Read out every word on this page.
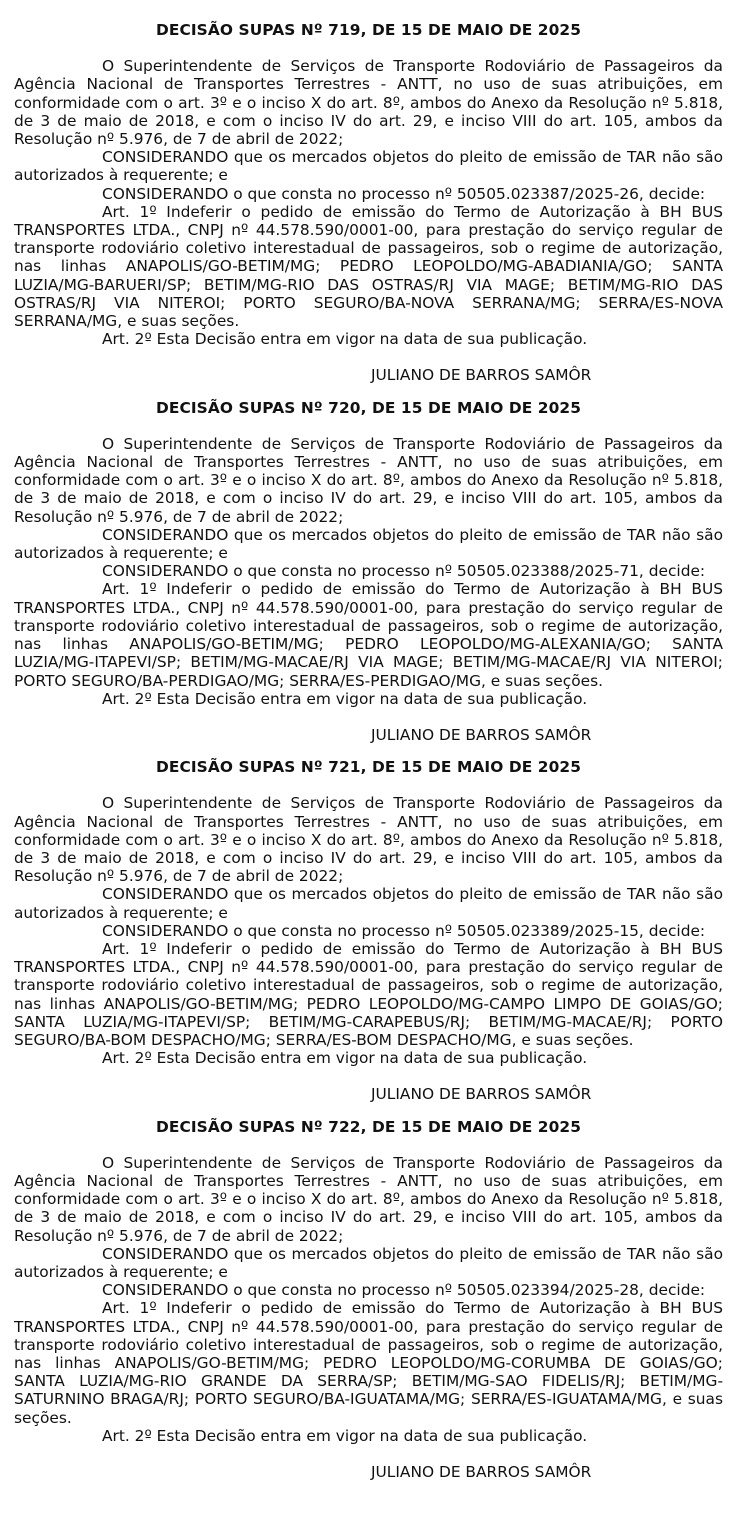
DECISÃO SUPAS Nº 719, DE 15 DE MAIO DE 2025

O Superintendente de Serviços de Transporte Rodoviário de Passageiros da Agência Nacional de Transportes Terrestres - ANTT, no uso de suas atribuições, em conformidade com o art. 3º e o inciso X do art. 8º, ambos do Anexo da Resolução nº 5.818, de 3 de maio de 2018, e com o inciso IV do art. 29, e inciso VIII do art. 105, ambos da Resolução nº 5.976, de 7 de abril de 2022;

CONSIDERANDO que os mercados objetos do pleito de emissão de TAR não são autorizados à requerente; e

CONSIDERANDO o que consta no processo nº 50505.023387/2025-26, decide:

Art. 1º Indeferir o pedido de emissão do Termo de Autorização à BH BUS TRANSPORTES LTDA., CNPJ nº 44.578.590/0001-00, para prestação do serviço regular de transporte rodoviário coletivo interestadual de passageiros, sob o regime de autorização, nas linhas ANAPOLIS/GO-BETIM/MG; PEDRO LEOPOLDO/MG-ABADIANIA/GO; SANTA LUZIA/MG-BARUERI/SP; BETIM/MG-RIO DAS OSTRAS/RJ VIA MAGE; BETIM/MG-RIO DAS OSTRAS/RJ VIA NITEROI; PORTO SEGURO/BA-NOVA SERRANA/MG; SERRA/ES-NOVA SERRANA/MG, e suas seções.

Art. 2º Esta Decisão entra em vigor na data de sua publicação.

JULIANO DE BARROS SAMÔR
DECISÃO SUPAS Nº 720, DE 15 DE MAIO DE 2025

O Superintendente de Serviços de Transporte Rodoviário de Passageiros da Agência Nacional de Transportes Terrestres - ANTT, no uso de suas atribuições, em conformidade com o art. 3º e o inciso X do art. 8º, ambos do Anexo da Resolução nº 5.818, de 3 de maio de 2018, e com o inciso IV do art. 29, e inciso VIII do art. 105, ambos da Resolução nº 5.976, de 7 de abril de 2022;

CONSIDERANDO que os mercados objetos do pleito de emissão de TAR não são autorizados à requerente; e

CONSIDERANDO o que consta no processo nº 50505.023388/2025-71, decide:

Art. 1º Indeferir o pedido de emissão do Termo de Autorização à BH BUS TRANSPORTES LTDA., CNPJ nº 44.578.590/0001-00, para prestação do serviço regular de transporte rodoviário coletivo interestadual de passageiros, sob o regime de autorização, nas linhas ANAPOLIS/GO-BETIM/MG; PEDRO LEOPOLDO/MG-ALEXANIA/GO; SANTA LUZIA/MG-ITAPEVI/SP; BETIM/MG-MACAE/RJ VIA MAGE; BETIM/MG-MACAE/RJ VIA NITEROI; PORTO SEGURO/BA-PERDIGAO/MG; SERRA/ES-PERDIGAO/MG, e suas seções.

Art. 2º Esta Decisão entra em vigor na data de sua publicação.

JULIANO DE BARROS SAMÔR
DECISÃO SUPAS Nº 721, DE 15 DE MAIO DE 2025

O Superintendente de Serviços de Transporte Rodoviário de Passageiros da Agência Nacional de Transportes Terrestres - ANTT, no uso de suas atribuições, em conformidade com o art. 3º e o inciso X do art. 8º, ambos do Anexo da Resolução nº 5.818, de 3 de maio de 2018, e com o inciso IV do art. 29, e inciso VIII do art. 105, ambos da Resolução nº 5.976, de 7 de abril de 2022;

CONSIDERANDO que os mercados objetos do pleito de emissão de TAR não são autorizados à requerente; e

CONSIDERANDO o que consta no processo nº 50505.023389/2025-15, decide:

Art. 1º Indeferir o pedido de emissão do Termo de Autorização à BH BUS TRANSPORTES LTDA., CNPJ nº 44.578.590/0001-00, para prestação do serviço regular de transporte rodoviário coletivo interestadual de passageiros, sob o regime de autorização, nas linhas ANAPOLIS/GO-BETIM/MG; PEDRO LEOPOLDO/MG-CAMPO LIMPO DE GOIAS/GO; SANTA LUZIA/MG-ITAPEVI/SP; BETIM/MG-CARAPEBUS/RJ; BETIM/MG-MACAE/RJ; PORTO SEGURO/BA-BOM DESPACHO/MG; SERRA/ES-BOM DESPACHO/MG, e suas seções.

Art. 2º Esta Decisão entra em vigor na data de sua publicação.

JULIANO DE BARROS SAMÔR
DECISÃO SUPAS Nº 722, DE 15 DE MAIO DE 2025

O Superintendente de Serviços de Transporte Rodoviário de Passageiros da Agência Nacional de Transportes Terrestres - ANTT, no uso de suas atribuições, em conformidade com o art. 3º e o inciso X do art. 8º, ambos do Anexo da Resolução nº 5.818, de 3 de maio de 2018, e com o inciso IV do art. 29, e inciso VIII do art. 105, ambos da Resolução nº 5.976, de 7 de abril de 2022;

CONSIDERANDO que os mercados objetos do pleito de emissão de TAR não são autorizados à requerente; e

CONSIDERANDO o que consta no processo nº 50505.023394/2025-28, decide:

Art. 1º Indeferir o pedido de emissão do Termo de Autorização à BH BUS TRANSPORTES LTDA., CNPJ nº 44.578.590/0001-00, para prestação do serviço regular de transporte rodoviário coletivo interestadual de passageiros, sob o regime de autorização, nas linhas ANAPOLIS/GO-BETIM/MG; PEDRO LEOPOLDO/MG-CORUMBA DE GOIAS/GO; SANTA LUZIA/MG-RIO GRANDE DA SERRA/SP; BETIM/MG-SAO FIDELIS/RJ; BETIM/MG-SATURNINO BRAGA/RJ; PORTO SEGURO/BA-IGUATAMA/MG; SERRA/ES-IGUATAMA/MG, e suas seções.

Art. 2º Esta Decisão entra em vigor na data de sua publicação.

JULIANO DE BARROS SAMÔR
